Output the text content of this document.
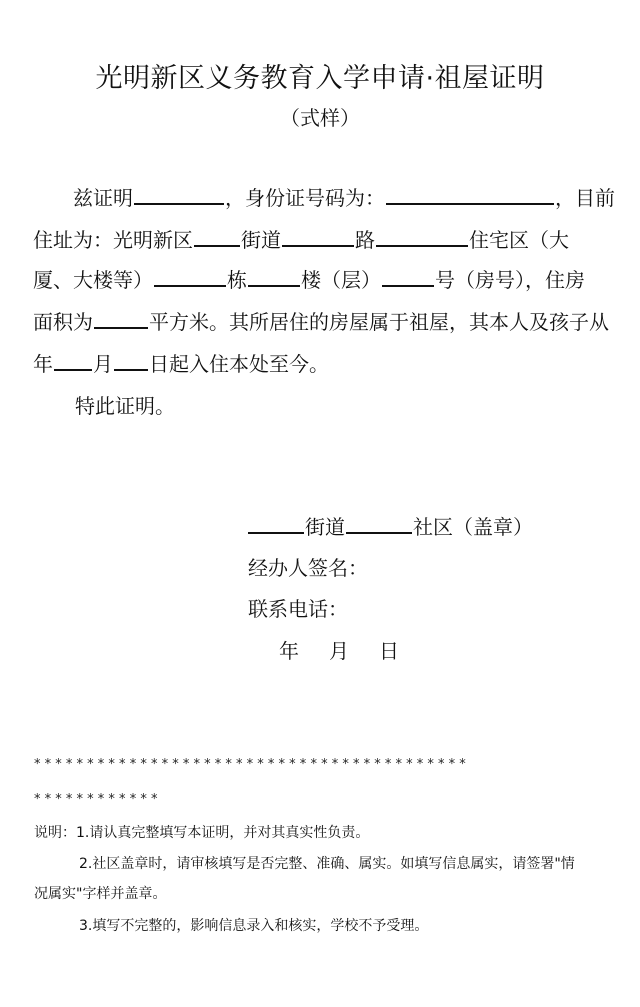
光明新区义务教育入学申请·祖屋证明
（式样）
兹证明	，身份证号码为：	，目前
住址为：光明新区 街道	路	住宅区（大
厦、大楼等）	栋	楼（层）	号（房号），住房
面积为	平方米。其所居住的房屋属于祖屋，其本人及孩子从
年 月 日起入住本处至今。
特此证明。
街道	社区（盖章）
经办人签名：
联系电话：
年 月 日
* * * * * * * * * * * * * * * * * * * * * * * * * * * * * * * * * * * * * * * * *
* * * * * * * * * * * *
说明：1.请认真完整填写本证明，并对其真实性负责。
2.社区盖章时，请审核填写是否完整、准确、属实。如填写信息属实，请签署"情
况属实"字样并盖章。
3.填写不完整的，影响信息录入和核实，学校不予受理。
